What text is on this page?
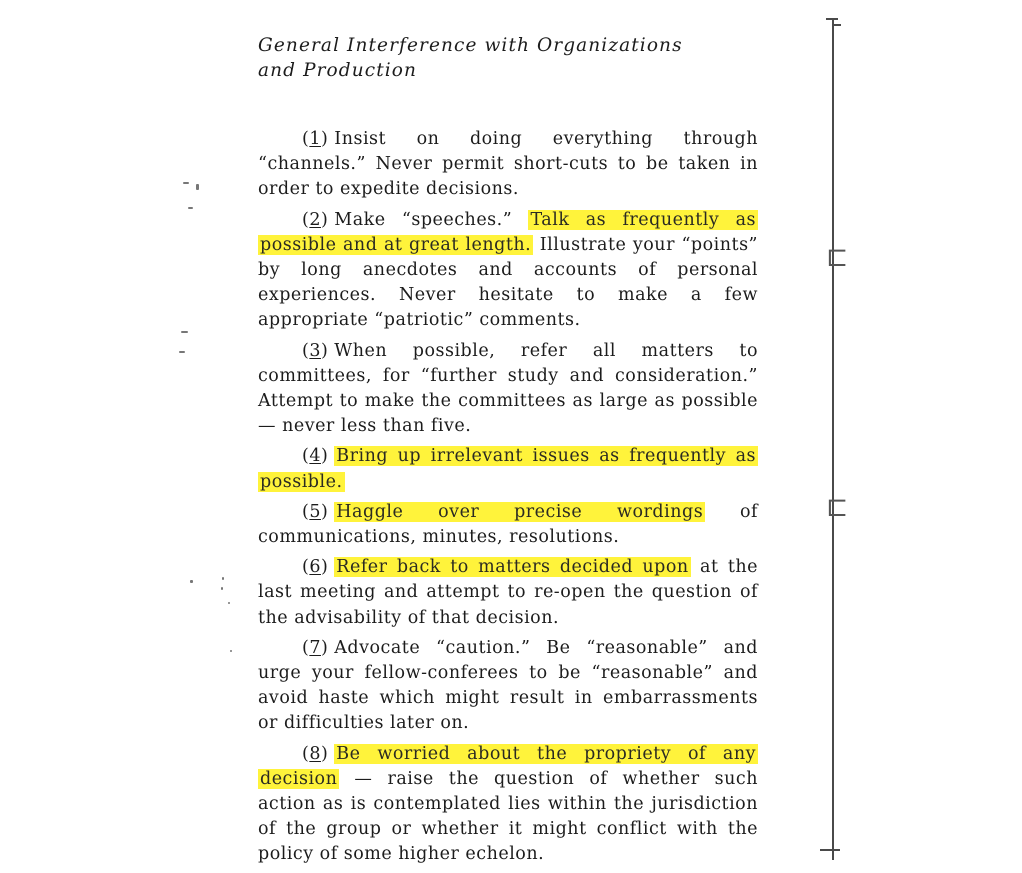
General Interference with Organizations
and Production

(1) Insist on doing everything through “channels.” Never permit short-cuts to be taken in order to expedite decisions.

(2) Make “speeches.” Talk as frequently as possible and at great length. Illustrate your “points” by long anecdotes and accounts of personal experiences. Never hesitate to make a few appropriate “patriotic” comments.

(3) When possible, refer all matters to committees, for “further study and consideration.” Attempt to make the committees as large as possible — never less than five.

(4) Bring up irrelevant issues as frequently as possible.

(5) Haggle over precise wordings of communications, minutes, resolutions.

(6) Refer back to matters decided upon at the last meeting and attempt to re-open the question of the advisability of that decision.

(7) Advocate “caution.” Be “reasonable” and urge your fellow-conferees to be “reasonable” and avoid haste which might result in embarrassments or difficulties later on.

(8) Be worried about the propriety of any decision — raise the question of whether such action as is contemplated lies within the jurisdiction of the group or whether it might conflict with the policy of some higher echelon.

⊏
⊏
